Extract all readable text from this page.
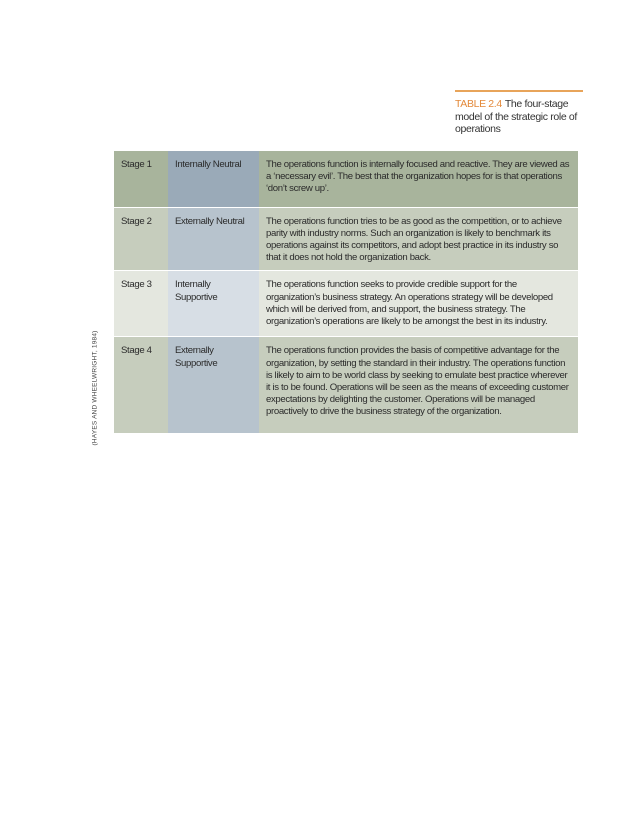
TABLE 2.4 The four-stage model of the strategic role of operations
(HAYES AND WHEELWRIGHT, 1984)
Stage 1	Internally Neutral	The operations function is internally focused and reactive. They are viewed as a ‘necessary evil’. The best that the organization hopes for is that operations ‘don’t screw up’.
Stage 2	Externally Neutral	The operations function tries to be as good as the competition, or to achieve parity with industry norms. Such an organization is likely to benchmark its operations against its competitors, and adopt best practice in its industry so that it does not hold the organization back.
Stage 3	Internally Supportive	The operations function seeks to provide credible support for the organization’s business strategy. An operations strategy will be developed which will be derived from, and support, the business strategy. The organization’s operations are likely to be amongst the best in its industry.
Stage 4	Externally Supportive	The operations function provides the basis of competitive advantage for the organization, by setting the standard in their industry. The operations function is likely to aim to be world class by seeking to emulate best practice wherever it is to be found. Operations will be seen as the means of exceeding customer expectations by delighting the customer. Operations will be managed proactively to drive the business strategy of the organization.
